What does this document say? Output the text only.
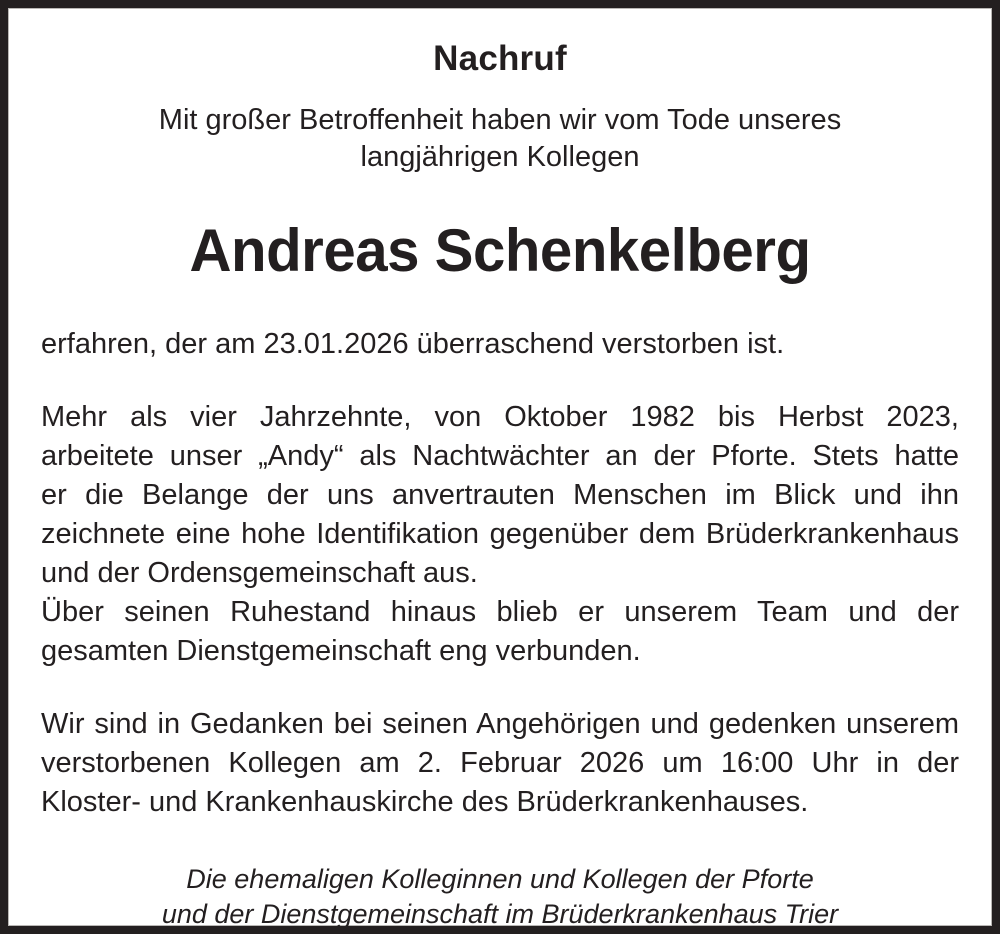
Nachruf
Mit großer Betroffenheit haben wir vom Tode unseres
langjährigen Kollegen
Andreas Schenkelberg
erfahren, der am 23.01.2026 überraschend verstorben ist.
Mehr als vier Jahrzehnte, von Oktober 1982 bis Herbst 2023,
arbeitete unser „Andy“ als Nachtwächter an der Pforte. Stets hatte
er die Belange der uns anvertrauten Menschen im Blick und ihn
zeichnete eine hohe Identifikation gegenüber dem Brüderkrankenhaus
und der Ordensgemeinschaft aus.
Über seinen Ruhestand hinaus blieb er unserem Team und der
gesamten Dienstgemeinschaft eng verbunden.
Wir sind in Gedanken bei seinen Angehörigen und gedenken unserem
verstorbenen Kollegen am 2. Februar 2026 um 16:00 Uhr in der
Kloster- und Krankenhauskirche des Brüderkrankenhauses.
Die ehemaligen Kolleginnen und Kollegen der Pforte
und der Dienstgemeinschaft im Brüderkrankenhaus Trier
